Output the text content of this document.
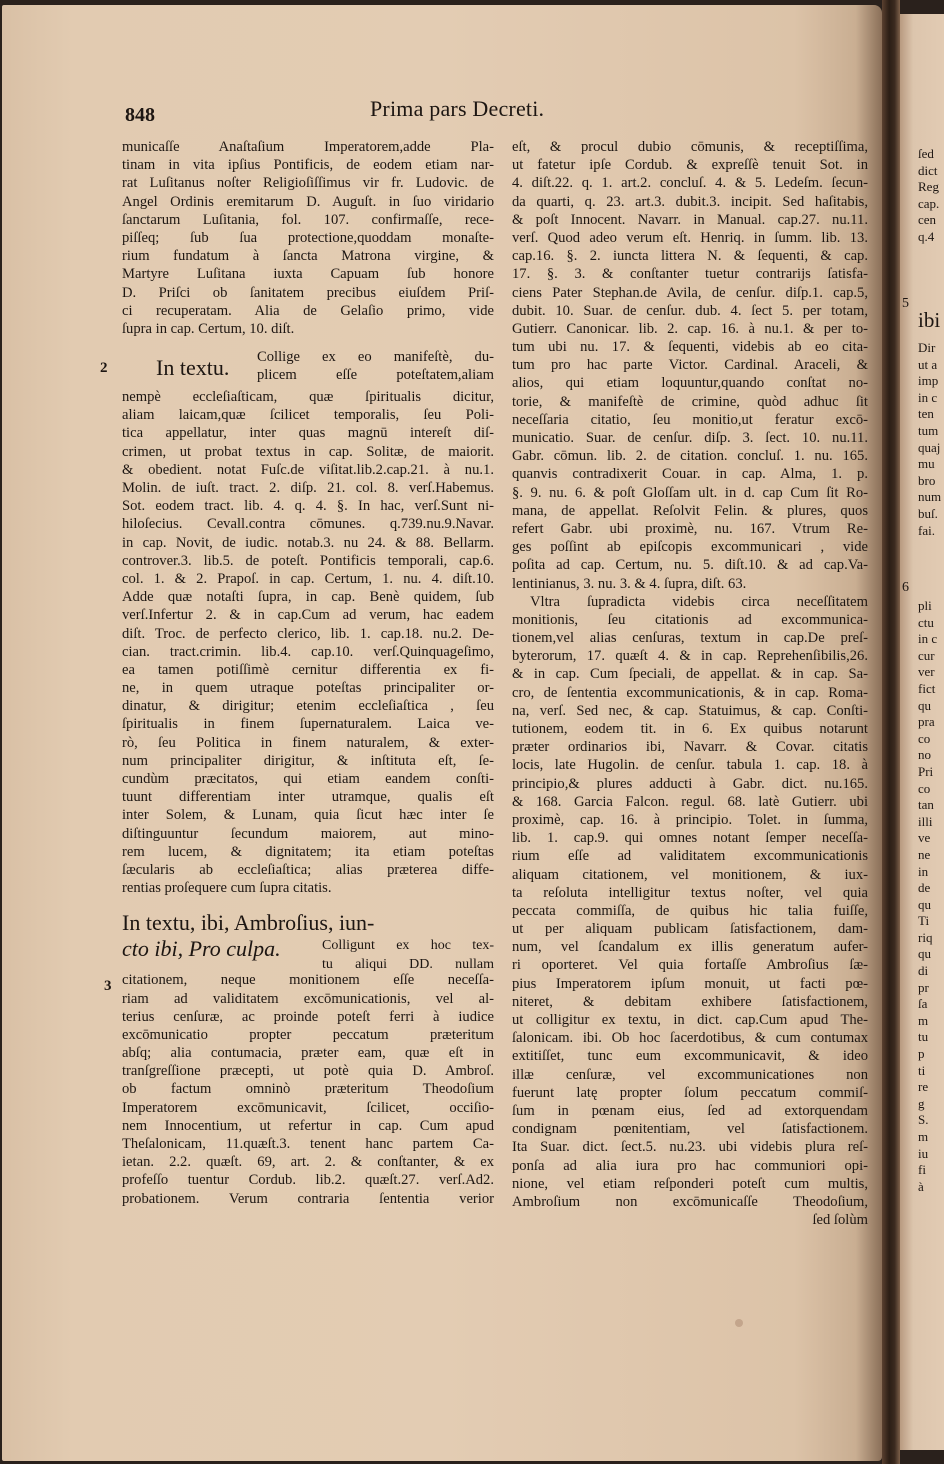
848	Prima pars Decreti.
2
3
municaſſe Anaſtaſium Imperatorem,adde Pla-
tinam in vita ipſius Pontificis, de eodem etiam nar-
rat Luſitanus noſter Religioſiſſimus vir fr. Ludovic. de
Angel Ordinis eremitarum D. Auguſt. in ſuo viridario
ſanctarum Luſitania, fol. 107. confirmaſſe, rece-
piſſeq; ſub ſua protectione,quoddam monaſte-
rium fundatum à ſancta Matrona virgine, &
Martyre Luſitana iuxta Capuam ſub honore
D. Priſci ob ſanitatem precibus eiuſdem Priſ-
ci recuperatam. Alia de Gelaſio primo, vide
ſupra in cap. Certum, 10. diſt.
In textu. Collige ex eo manifeſtè, du-
plicem eſſe poteſtatem,aliam
nempè eccleſiaſticam, quæ ſpiritualis dicitur,
aliam laicam,quæ ſcilicet temporalis, ſeu Poli-
tica appellatur, inter quas magnū intereſt diſ-
crimen, ut probat textus in cap. Solitæ, de maiorit.
& obedient. notat Fuſc.de viſitat.lib.2.cap.21. à nu.1.
Molin. de iuſt. tract. 2. diſp. 21. col. 8. verſ.Habemus.
Sot. eodem tract. lib. 4. q. 4. §. In hac, verſ.Sunt ni-
hiloſecius. Cevall.contra cōmunes. q.739.nu.9.Navar.
in cap. Novit, de iudic. notab.3. nu 24. & 88. Bellarm.
controver.3. lib.5. de poteſt. Pontificis temporali, cap.6.
col. 1. & 2. Prapoſ. in cap. Certum, 1. nu. 4. diſt.10.
Adde quæ notaſti ſupra, in cap. Benè quidem, ſub
verſ.Infertur 2. & in cap.Cum ad verum, hac eadem
diſt. Troc. de perfecto clerico, lib. 1. cap.18. nu.2. De-
cian. tract.crimin. lib.4. cap.10. verſ.Quinquageſimo,
ea tamen potiſſimè cernitur differentia ex fi-
ne, in quem utraque poteſtas principaliter or-
dinatur, & dirigitur; etenim eccleſiaſtica , ſeu
ſpiritualis in finem ſupernaturalem. Laica ve-
rò, ſeu Politica in finem naturalem, & exter-
num principaliter dirigitur, & inſtituta eſt, ſe-
cundùm præcitatos, qui etiam eandem conſti-
tuunt differentiam inter utramque, qualis eſt
inter Solem, & Lunam, quia ſicut hæc inter ſe
diſtinguuntur ſecundum maiorem, aut mino-
rem lucem, & dignitatem; ita etiam poteſtas
ſæcularis ab eccleſiaſtica; alias præterea diffe-
rentias proſequere cum ſupra citatis.
In textu, ibi, Ambroſius, iun-
cto ibi, Pro culpa.	Colligunt ex hoc tex-
tu aliqui DD. nullam
citationem, neque monitionem eſſe neceſſa-
riam ad validitatem excōmunicationis, vel al-
terius cenſuræ, ac proinde poteſt ferri à iudice
excōmunicatio propter peccatum præteritum
abſq; alia contumacia, præter eam, quæ eſt in
tranſgreſſione præcepti, ut potè quia D. Ambroſ.
ob factum omninò præteritum Theodoſium
Imperatorem excōmunicavit, ſcilicet, occiſio-
nem Innocentium, ut refertur in cap. Cum apud
Theſalonicam, 11.quæſt.3. tenent hanc partem Ca-
ietan. 2.2. quæſt. 69, art. 2. & conſtanter, & ex
profeſſo tuentur Cordub. lib.2. quæſt.27. verſ.Ad2.
probationem. Verum contraria ſententia verior
eſt, & procul dubio cōmunis, & receptiſſima,
ut fatetur ipſe Cordub. & expreſſè tenuit Sot. in
4. diſt.22. q. 1. art.2. concluſ. 4. & 5. Ledeſm. ſecun-
da quarti, q. 23. art.3. dubit.3. incipit. Sed haſitabis,
& poſt Innocent. Navarr. in Manual. cap.27. nu.11.
verſ. Quod adeo verum eſt. Henriq. in ſumm. lib. 13.
cap.16. §. 2. iuncta littera N. & ſequenti, & cap.
17. §. 3. & conſtanter tuetur contrarijs ſatisfa-
ciens Pater Stephan.de Avila, de cenſur. diſp.1. cap.5,
dubit. 10. Suar. de cenſur. dub. 4. ſect 5. per totam,
Gutierr. Canonicar. lib. 2. cap. 16. à nu.1. & per to-
tum ubi nu. 17. & ſequenti, videbis ab eo cita-
tum pro hac parte Victor. Cardinal. Araceli, &
alios, qui etiam loquuntur,quando conſtat no-
torie, & manifeſtè de crimine, quòd adhuc ſit
neceſſaria citatio, ſeu monitio,ut feratur excō-
municatio. Suar. de cenſur. diſp. 3. ſect. 10. nu.11.
Gabr. cōmun. lib. 2. de citation. concluſ. 1. nu. 165.
quanvis contradixerit Couar. in cap. Alma, 1. p.
§. 9. nu. 6. & poſt Gloſſam ult. in d. cap Cum ſit Ro-
mana, de appellat. Reſolvit Felin. & plures, quos
refert Gabr. ubi proximè, nu. 167. Vtrum Re-
ges poſſint ab epiſcopis excommunicari , vide
poſita ad cap. Certum, nu. 5. diſt.10. & ad cap.Va-
lentinianus, 3. nu. 3. & 4. ſupra, diſt. 63.
Vltra ſupradicta videbis circa neceſſitatem
monitionis, ſeu citationis ad excommunica-
tionem,vel alias cenſuras, textum in cap.De preſ-
byterorum, 17. quæſt 4. & in cap. Reprehenſibilis,26.
& in cap. Cum ſpeciali, de appellat. & in cap. Sa-
cro, de ſententia excommunicationis, & in cap. Roma-
na, verſ. Sed nec, & cap. Statuimus, & cap. Conſti-
tutionem, eodem tit. in 6. Ex quibus notarunt
præter ordinarios ibi, Navarr. & Covar. citatis
locis, late Hugolin. de cenſur. tabula 1. cap. 18. à
principio,& plures adducti à Gabr. dict. nu.165.
& 168. Garcia Falcon. regul. 68. latè Gutierr. ubi
proximè, cap. 16. à principio. Tolet. in ſumma,
lib. 1. cap.9. qui omnes notant ſemper neceſſa-
rium eſſe ad validitatem excommunicationis
aliquam citationem, vel monitionem, & iux-
ta reſoluta intelligitur textus noſter, vel quia
peccata commiſſa, de quibus hic talia fuiſſe,
ut per aliquam publicam ſatisfactionem, dam-
num, vel ſcandalum ex illis generatum aufer-
ri oporteret. Vel quia fortaſſe Ambroſius ſæ-
pius Imperatorem ipſum monuit, ut facti pœ-
niteret, & debitam exhibere ſatisfactionem,
ut colligitur ex textu, in dict. cap.Cum apud The-
ſalonicam. ibi. Ob hoc ſacerdotibus, & cum contumax
extitiſſet, tunc eum excommunicavit, & ideo
illæ cenſuræ, vel excommunicationes non
fuerunt latę propter ſolum peccatum commiſ-
ſum in pœnam eius, ſed ad extorquendam
condignam pœnitentiam, vel ſatisfactionem.
Ita Suar. dict. ſect.5. nu.23. ubi videbis plura reſ-
ponſa ad alia iura pro hac communiori opi-
nione, vel etiam reſponderi poteſt cum multis,
Ambroſium non excōmunicaſſe Theodoſium,
ſed ſolùm
ſed
dict
Reg
cap.
cen
q.4
5
ibi
Dir
ut a
imp
in c
ten
tum
quaj
mu
bro
num
buſ.
fai.
6
pli
ctu
in c
cur
ver
fict
qu
pra
co
no
Pri
co
tan
illi
ve
ne
in
de
qu
Ti
riq
qu
di
pr
ſa
m
tu
p
ti
re
g
S.
m
iu
fi
à
